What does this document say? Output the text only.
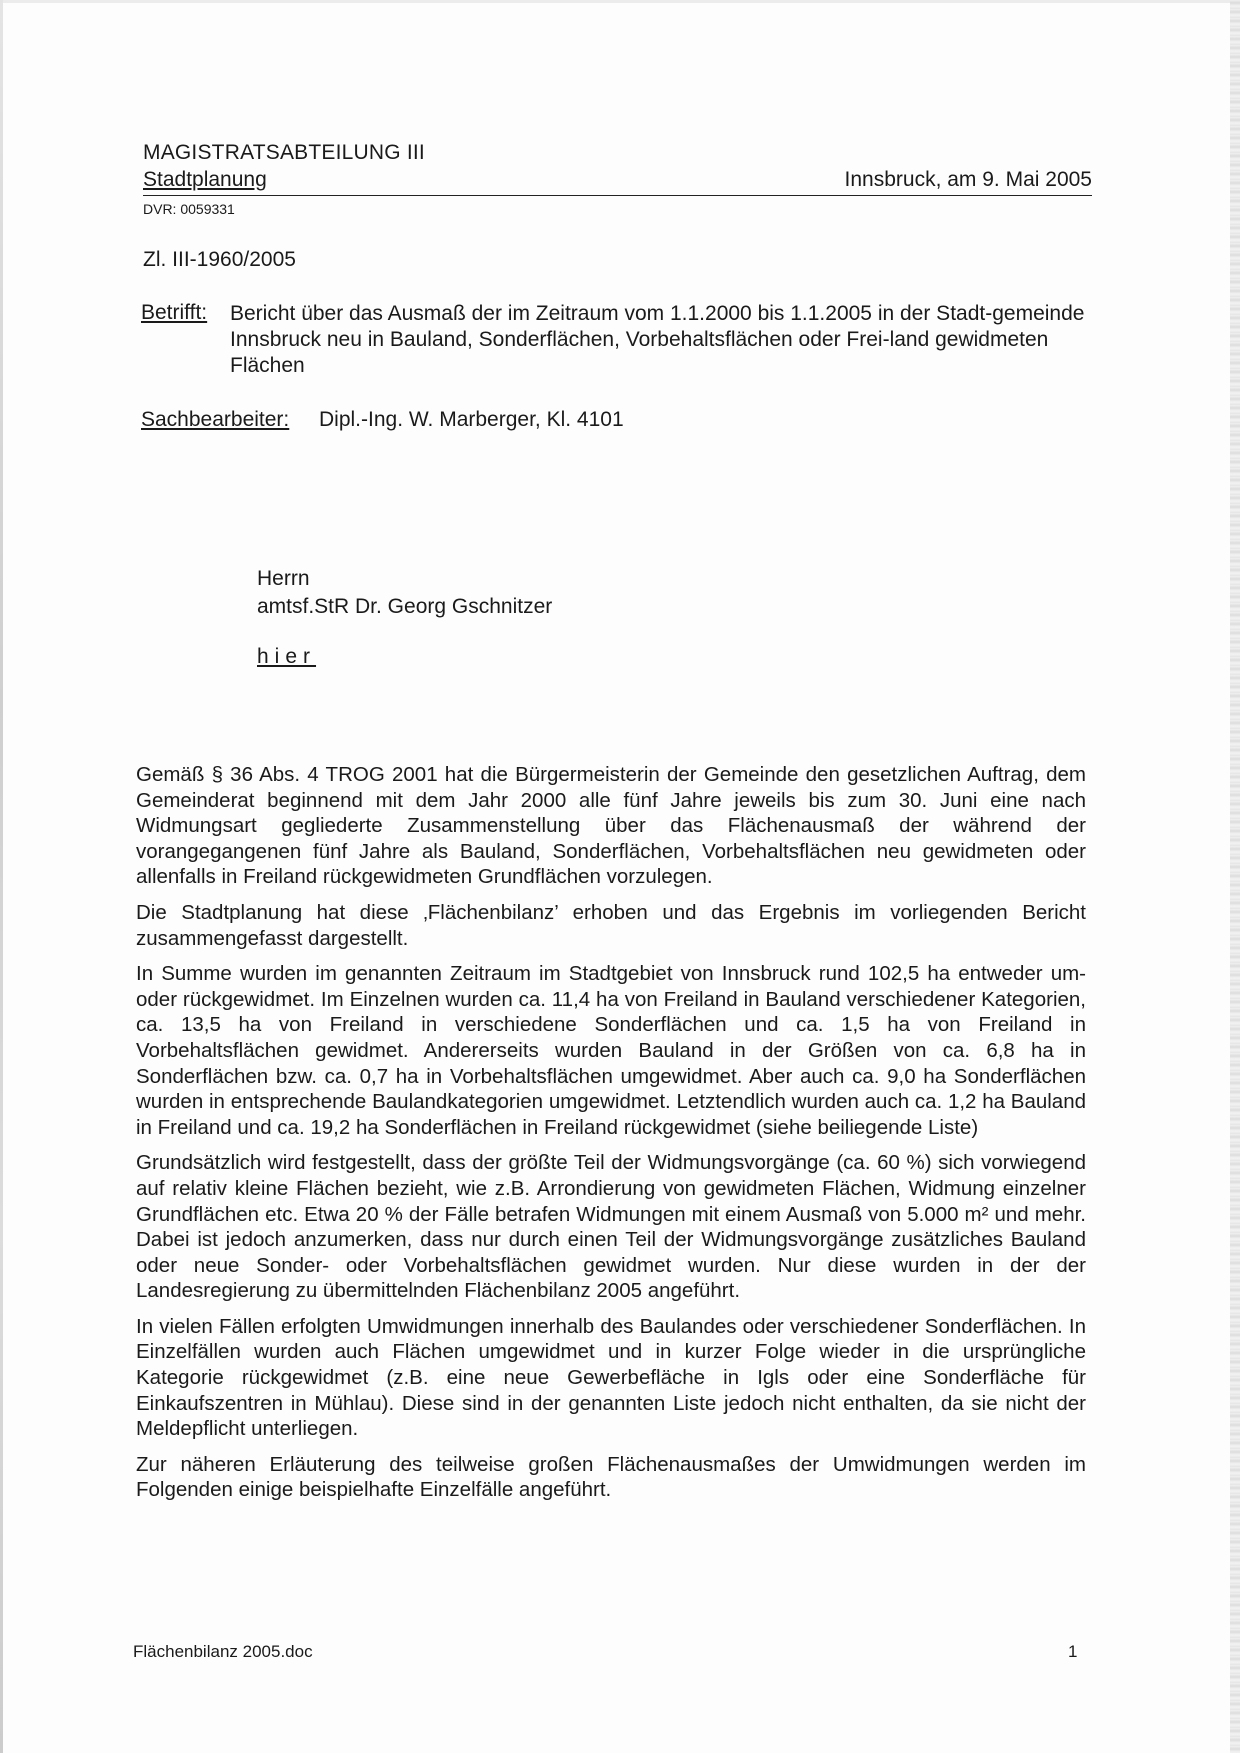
MAGISTRATSABTEILUNG III
Stadtplanung	Innsbruck, am 9. Mai 2005
DVR: 0059331
Zl. III-1960/2005
Betrifft: Bericht über das Ausmaß der im Zeitraum vom 1.1.2000 bis 1.1.2005 in der Stadt-gemeinde Innsbruck neu in Bauland, Sonderflächen, Vorbehaltsflächen oder Frei-land gewidmeten Flächen
Sachbearbeiter: Dipl.-Ing. W. Marberger, Kl. 4101
Herrn
amtsf.StR Dr. Georg Gschnitzer
hier

Gemäß § 36 Abs. 4 TROG 2001 hat die Bürgermeisterin der Gemeinde den gesetzlichen Auftrag, dem Gemeinderat beginnend mit dem Jahr 2000 alle fünf Jahre jeweils bis zum 30. Juni eine nach Widmungsart gegliederte Zusammenstellung über das Flächenausmaß der während der vorangegangenen fünf Jahre als Bauland, Sonderflächen, Vorbehaltsflächen neu gewidmeten oder allenfalls in Freiland rückgewidmeten Grundflächen vorzulegen.

Die Stadtplanung hat diese ‚Flächenbilanz’ erhoben und das Ergebnis im vorliegenden Bericht zusammengefasst dargestellt.

In Summe wurden im genannten Zeitraum im Stadtgebiet von Innsbruck rund 102,5 ha entweder um- oder rückgewidmet. Im Einzelnen wurden ca. 11,4 ha von Freiland in Bauland verschiedener Kategorien, ca. 13,5 ha von Freiland in verschiedene Sonderflächen und ca. 1,5 ha von Freiland in Vorbehaltsflächen gewidmet. Andererseits wurden Bauland in der Größen von ca. 6,8 ha in Sonderflächen bzw. ca. 0,7 ha in Vorbehaltsflächen umgewidmet. Aber auch ca. 9,0 ha Sonderflächen wurden in entsprechende Baulandkategorien umgewidmet. Letztendlich wurden auch ca. 1,2 ha Bauland in Freiland und ca. 19,2 ha Sonderflächen in Freiland rückgewidmet (siehe beiliegende Liste)

Grundsätzlich wird festgestellt, dass der größte Teil der Widmungsvorgänge (ca. 60 %) sich vorwiegend auf relativ kleine Flächen bezieht, wie z.B. Arrondierung von gewidmeten Flächen, Widmung einzelner Grundflächen etc. Etwa 20 % der Fälle betrafen Widmungen mit einem Ausmaß von 5.000 m² und mehr. Dabei ist jedoch anzumerken, dass nur durch einen Teil der Widmungsvorgänge zusätzliches Bauland oder neue Sonder- oder Vorbehaltsflächen gewidmet wurden. Nur diese wurden in der der Landesregierung zu übermittelnden Flächenbilanz 2005 angeführt.

In vielen Fällen erfolgten Umwidmungen innerhalb des Baulandes oder verschiedener Sonderflächen. In Einzelfällen wurden auch Flächen umgewidmet und in kurzer Folge wieder in die ursprüngliche Kategorie rückgewidmet (z.B. eine neue Gewerbefläche in Igls oder eine Sonderfläche für Einkaufszentren in Mühlau). Diese sind in der genannten Liste jedoch nicht enthalten, da sie nicht der Meldepflicht unterliegen.

Zur näheren Erläuterung des teilweise großen Flächenausmaßes der Umwidmungen werden im Folgenden einige beispielhafte Einzelfälle angeführt.

Flächenbilanz 2005.doc	1
